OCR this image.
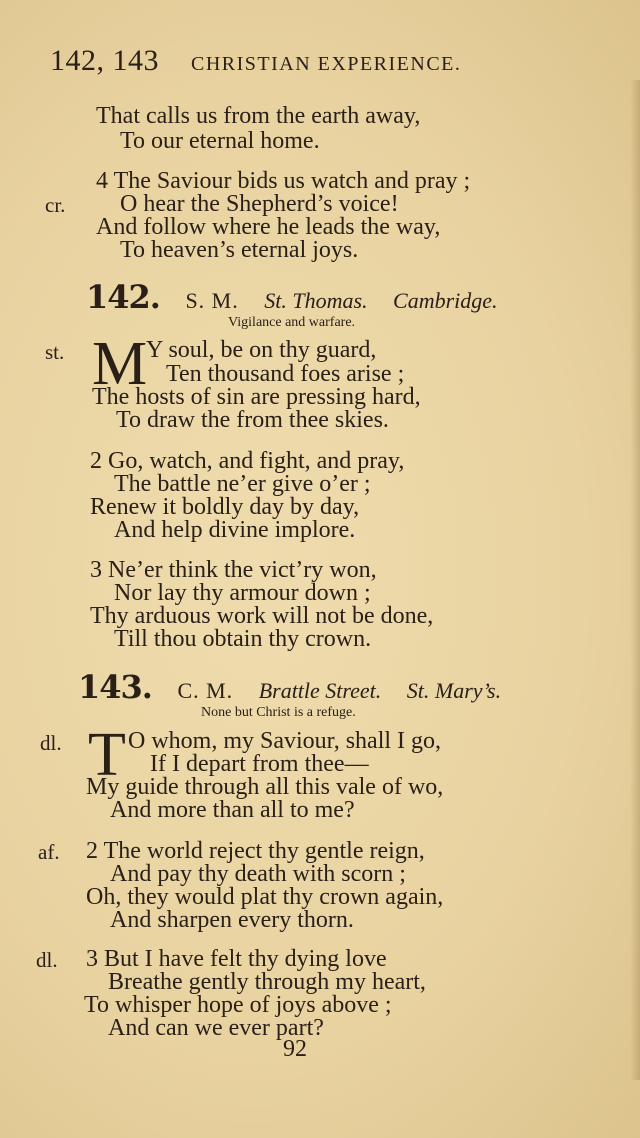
142, 143 CHRISTIAN EXPERIENCE.
That calls us from the earth away,
To our eternal home.
4 The Saviour bids us watch and pray ;
cr. O hear the Shepherd’s voice!
And follow where he leads the way,
To heaven’s eternal joys.
142. S. M. St. Thomas. Cambridge.
Vigilance and warfare.
st. M
Y soul, be on thy guard,
Ten thousand foes arise ;
The hosts of sin are pressing hard,
To draw the from thee skies.
2 Go, watch, and fight, and pray,
The battle ne’er give o’er ;
Renew it boldly day by day,
And help divine implore.
3 Ne’er think the vict’ry won,
Nor lay thy armour down ;
Thy arduous work will not be done,
Till thou obtain thy crown.
143. C. M. Brattle Street. St. Mary’s.
None but Christ is a refuge.
dl. T O whom, my Saviour, shall I go,
If I depart from thee—
My guide through all this vale of wo,
And more than all to me?
af. 2 The world reject thy gentle reign,
And pay thy death with scorn ;
Oh, they would plat thy crown again,
And sharpen every thorn.
dl. 3 But I have felt thy dying love
Breathe gently through my heart,
To whisper hope of joys above ;
And can we ever part?
92
